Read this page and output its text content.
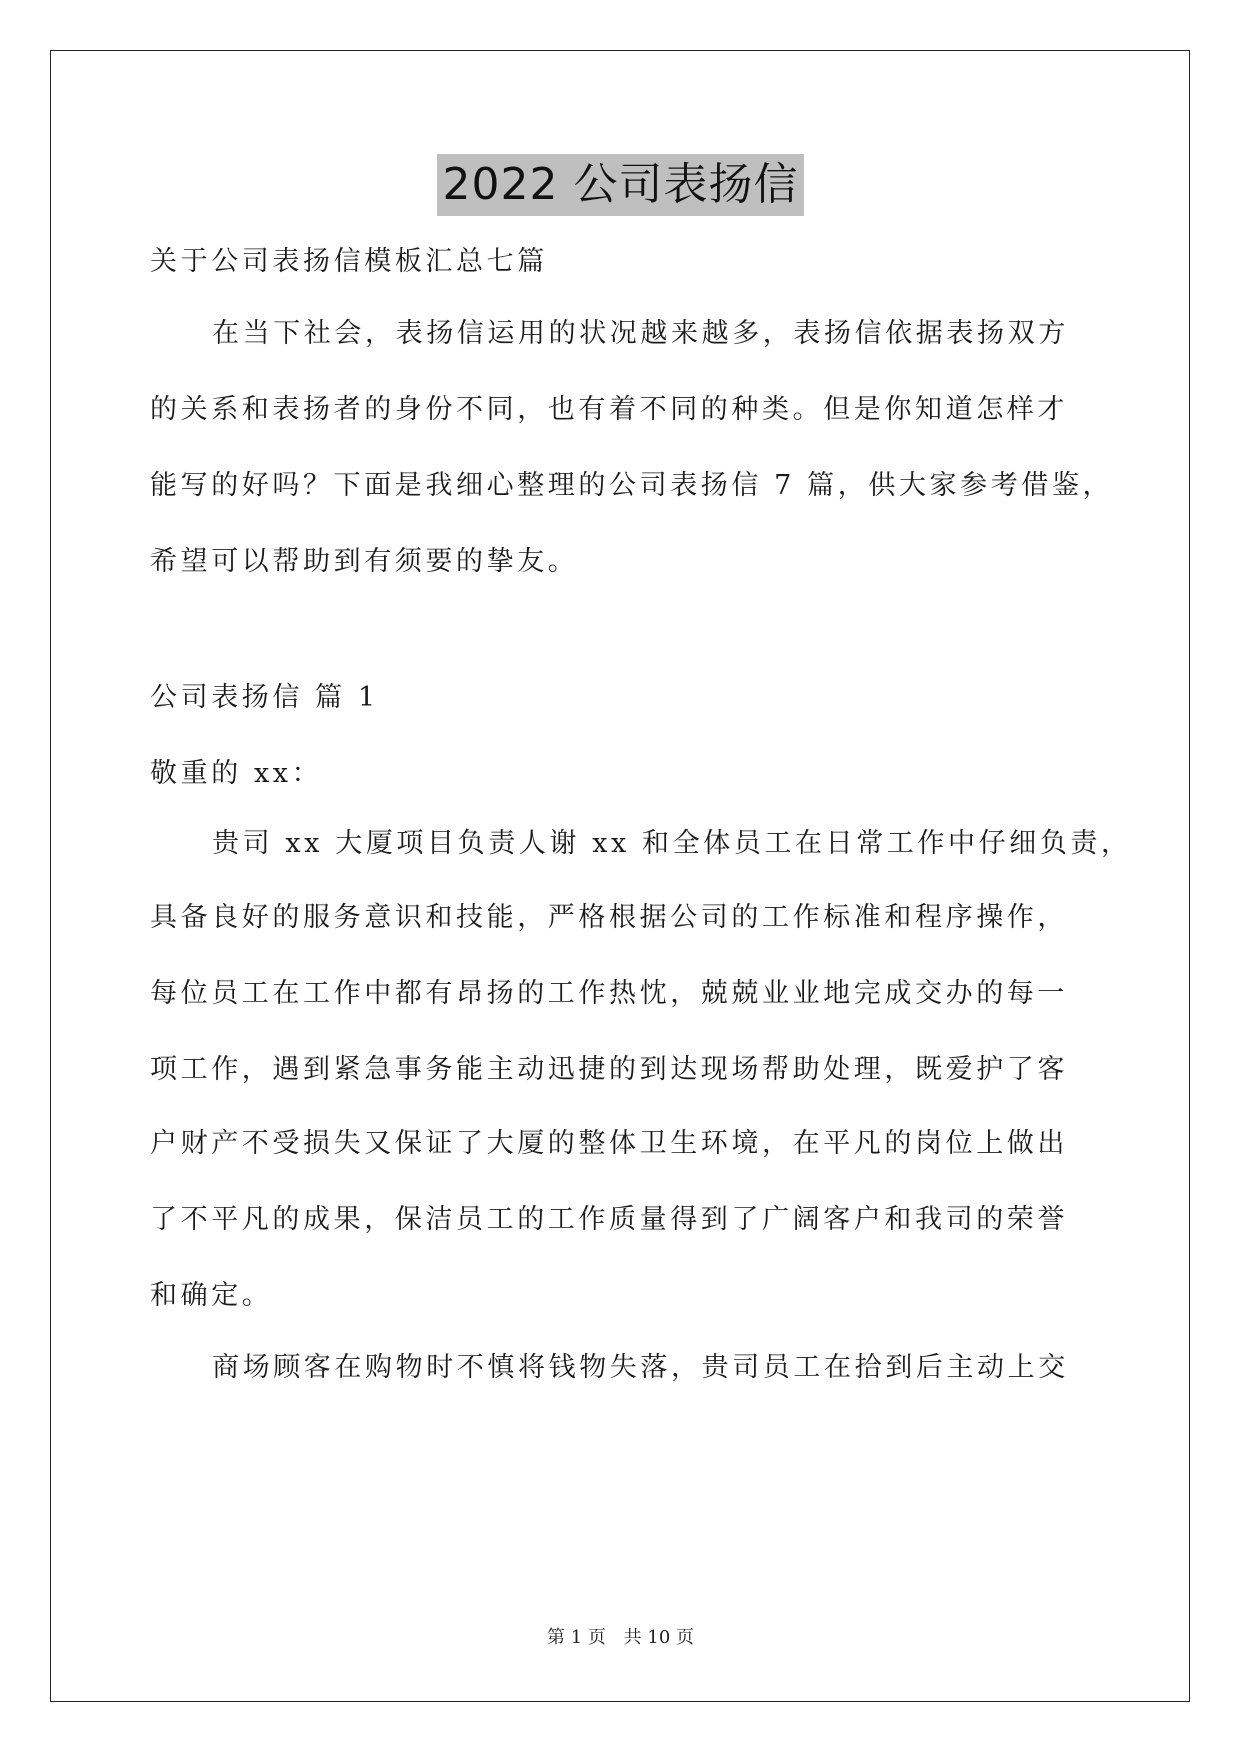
2022 公司表扬信
关于公司表扬信模板汇总七篇
在当下社会，表扬信运用的状况越来越多，表扬信依据表扬双方
的关系和表扬者的身份不同，也有着不同的种类。但是你知道怎样才
能写的好吗？下面是我细心整理的公司表扬信 7 篇，供大家参考借鉴，
希望可以帮助到有须要的挚友。
公司表扬信 篇 1
敬重的 xx：
贵司 xx 大厦项目负责人谢 xx 和全体员工在日常工作中仔细负责，
具备良好的服务意识和技能，严格根据公司的工作标准和程序操作，
每位员工在工作中都有昂扬的工作热忱，兢兢业业地完成交办的每一
项工作，遇到紧急事务能主动迅捷的到达现场帮助处理，既爱护了客
户财产不受损失又保证了大厦的整体卫生环境，在平凡的岗位上做出
了不平凡的成果，保洁员工的工作质量得到了广阔客户和我司的荣誉
和确定。
商场顾客在购物时不慎将钱物失落，贵司员工在拾到后主动上交
第 1 页 共 10 页
